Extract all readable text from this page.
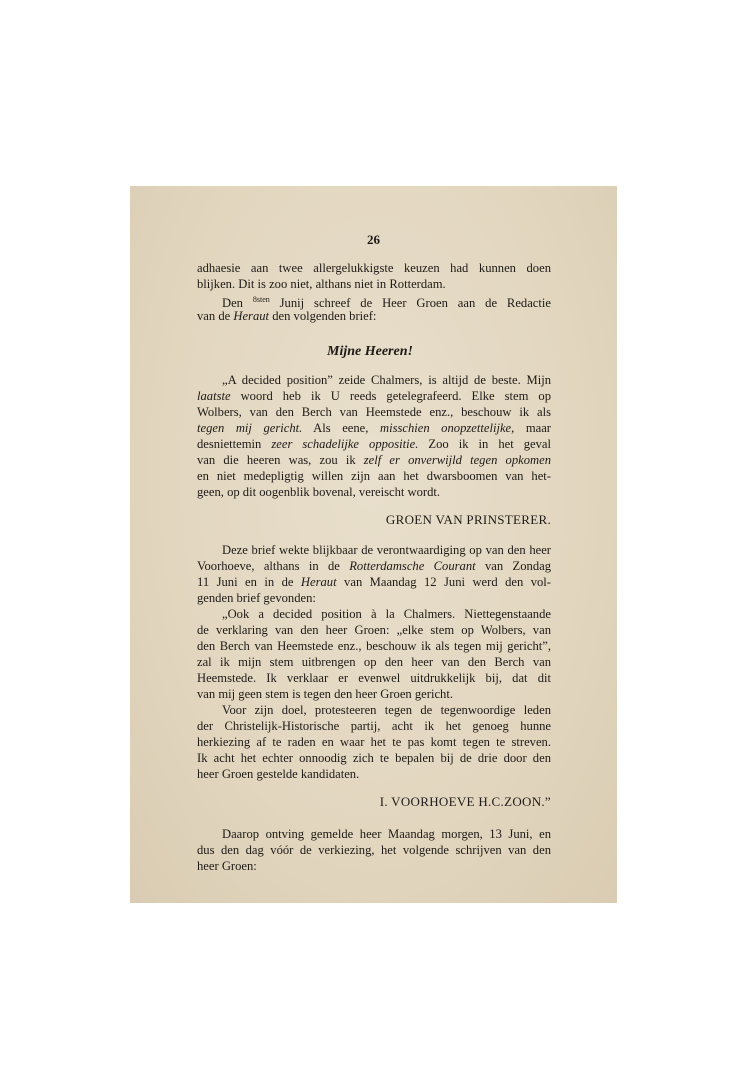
26
adhaesie aan twee allergelukkigste keuzen had kunnen doen
blijken. Dit is zoo niet, althans niet in Rotterdam.
Den $^{8sten}$ Junij schreef de Heer Groen aan de Redactie
van de Heraut den volgenden brief:
Mijne Heeren!
„A decided position” zeide Chalmers, is altijd de beste. Mijn
laatste woord heb ik U reeds getelegrafeerd. Elke stem op
Wolbers, van den Berch van Heemstede enz., beschouw ik als
tegen mij gericht. Als eene, misschien onopzettelijke, maar
desniettemin zeer schadelijke oppositie. Zoo ik in het geval
van die heeren was, zou ik zelf er onverwijld tegen opkomen
en niet medepligtig willen zijn aan het dwarsboomen van het-
geen, op dit oogenblik bovenal, vereischt wordt.
GROEN VAN PRINSTERER.
Deze brief wekte blijkbaar de verontwaardiging op van den heer
Voorhoeve, althans in de Rotterdamsche Courant van Zondag
11 Juni en in de Heraut van Maandag 12 Juni werd den vol-
genden brief gevonden:
„Ook a decided position à la Chalmers. Niettegenstaande
de verklaring van den heer Groen: „elke stem op Wolbers, van
den Berch van Heemstede enz., beschouw ik als tegen mij gericht”,
zal ik mijn stem uitbrengen op den heer van den Berch van
Heemstede. Ik verklaar er evenwel uitdrukkelijk bij, dat dit
van mij geen stem is tegen den heer Groen gericht.
Voor zijn doel, protesteeren tegen de tegenwoordige leden
der Christelijk-Historische partij, acht ik het genoeg hunne
herkiezing af te raden en waar het te pas komt tegen te streven.
Ik acht het echter onnoodig zich te bepalen bij de drie door den
heer Groen gestelde kandidaten.
I. VOORHOEVE H.C.ZOON.”
Daarop ontving gemelde heer Maandag morgen, 13 Juni, en
dus den dag vóór de verkiezing, het volgende schrijven van den
heer Groen:
